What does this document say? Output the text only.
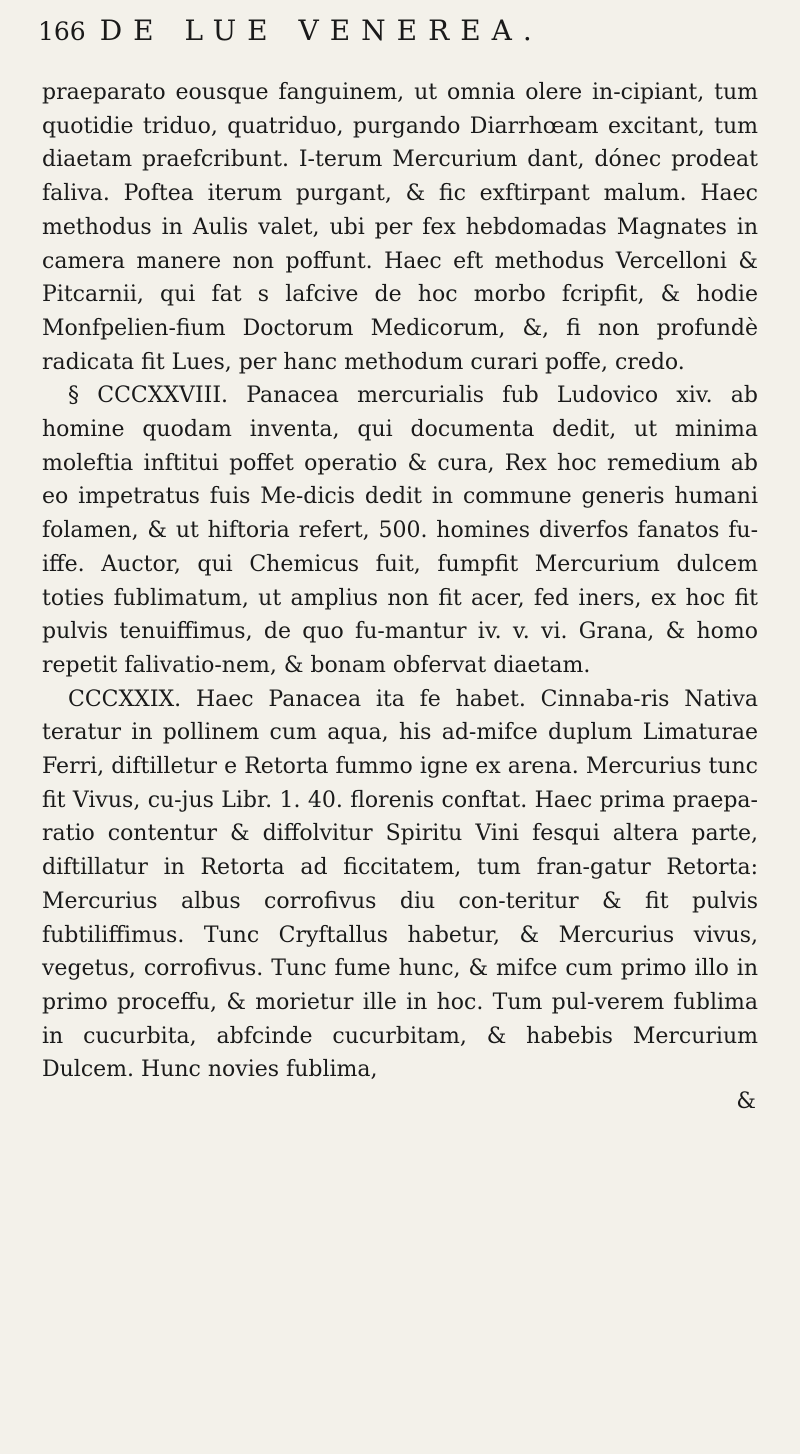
166 DE LUE VENEREA.

praeparato eousque fanguinem, ut omnia olere in-cipiant, tum quotidie triduo, quatriduo, purgando Diarrhœam excitant, tum diaetam praefcribunt. I-terum Mercurium dant, dónec prodeat faliva. Poftea iterum purgant, & fic exftirpant malum. Haec methodus in Aulis valet, ubi per fex hebdomadas Magnates in camera manere non poffunt. Haec eft methodus Vercelloni & Pitcarnii, qui fat s lafcive de hoc morbo fcripfit, & hodie Monfpelien-fium Doctorum Medicorum, &, fi non profundè radicata fit Lues, per hanc methodum curari poffe, credo.

§ CCCXXVIII. Panacea mercurialis fub Ludovico xiv. ab homine quodam inventa, qui documenta dedit, ut minima moleftia inftitui poffet operatio & cura, Rex hoc remedium ab eo impetratus fuis Me-dicis dedit in commune generis humani folamen, & ut hiftoria refert, 500. homines diverfos fanatos fu-iffe. Auctor, qui Chemicus fuit, fumpfit Mercurium dulcem toties fublimatum, ut amplius non fit acer, fed iners, ex hoc fit pulvis tenuiffimus, de quo fu-mantur iv. v. vi. Grana, & homo repetit falivatio-nem, & bonam obfervat diaetam.

CCCXXIX. Haec Panacea ita fe habet. Cinnaba-ris Nativa teratur in pollinem cum aqua, his ad-mifce duplum Limaturae Ferri, diftilletur e Retorta fummo igne ex arena. Mercurius tunc fit Vivus, cu-jus Libr. 1. 40. florenis conftat. Haec prima praepa-ratio contentur & diffolvitur Spiritu Vini fesqui altera parte, diftillatur in Retorta ad ficcitatem, tum fran-gatur Retorta: Mercurius albus corrofivus diu con-teritur & fit pulvis fubtiliffimus. Tunc Cryftallus habetur, & Mercurius vivus, vegetus, corrofivus. Tunc fume hunc, & mifce cum primo illo in primo proceffu, & morietur ille in hoc. Tum pul-verem fublima in cucurbita, abfcinde cucurbitam, & habebis Mercurium Dulcem. Hunc novies fublima,

&
